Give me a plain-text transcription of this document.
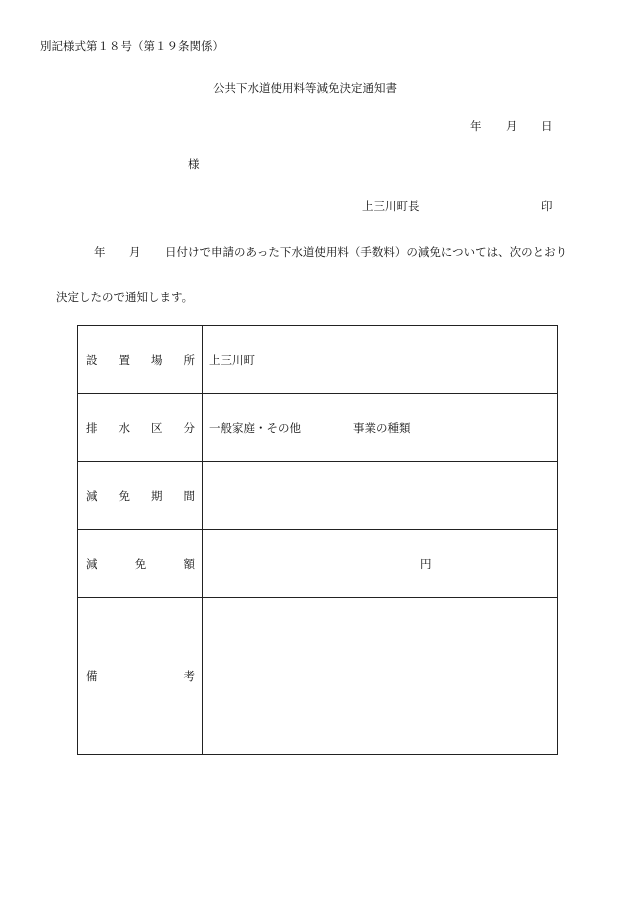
別記様式第１８号（第１９条関係）
公共下水道使用料等減免決定通知書
年 月 日
様
上三川町長	印
年 月 日付けで申請のあった下水道使用料（手数料）の減免については、次のとおり
決定したので通知します。
設 置 場 所	上三川町

排 水 区 分	一般家庭・その他 事業の種類

減 免 期 間	

減 免 額	円

備 考	
